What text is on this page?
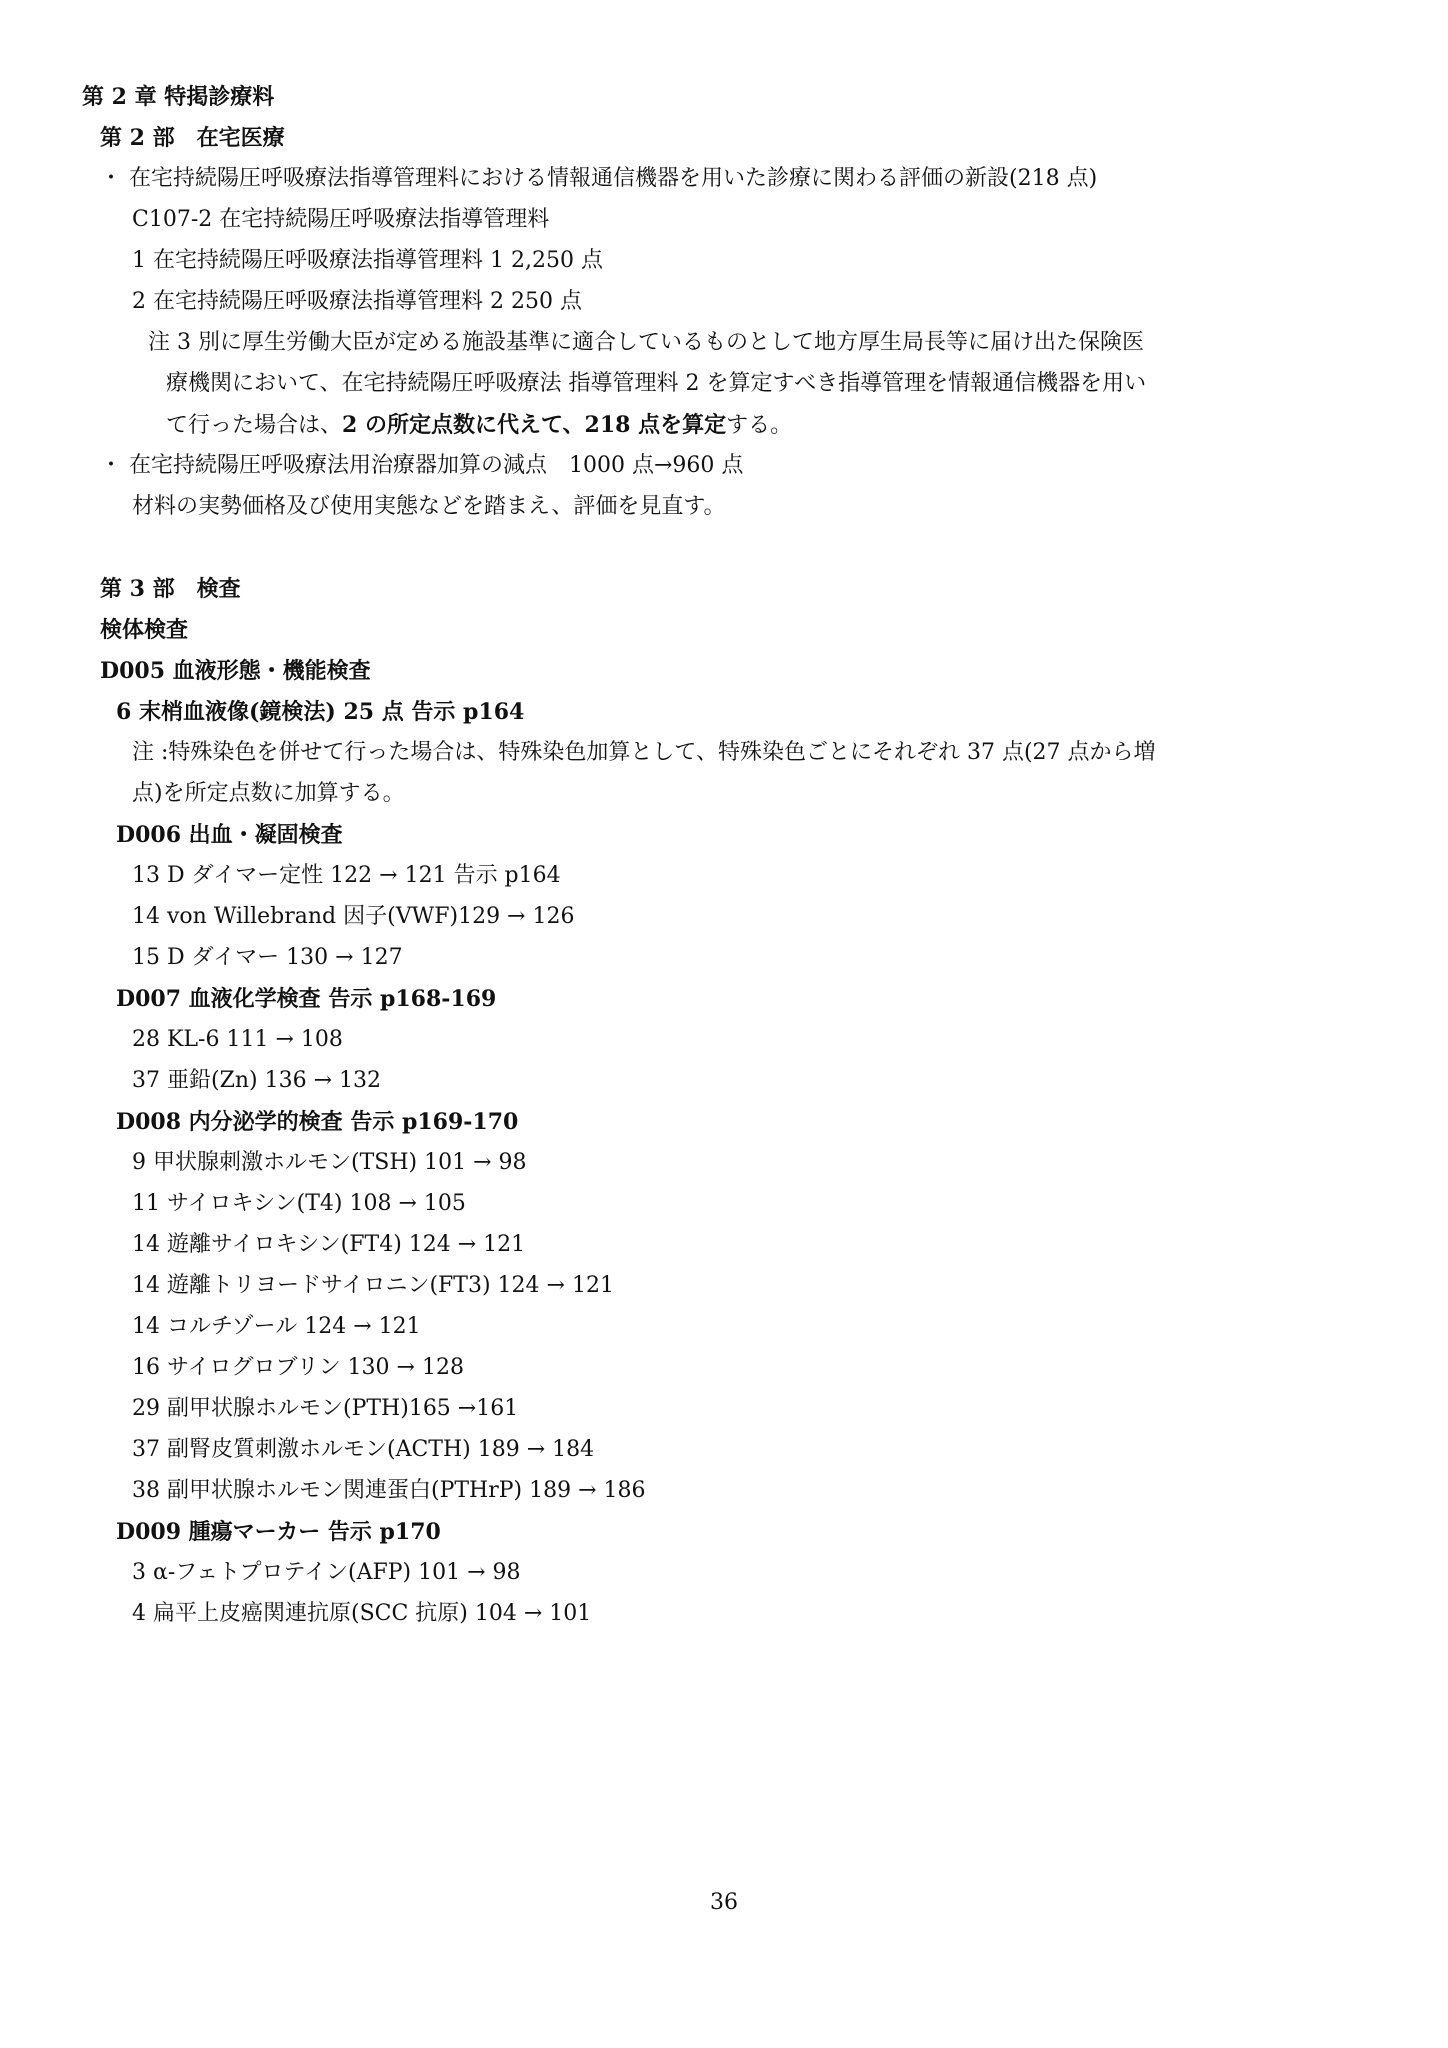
第 2 章 特掲診療料
第 2 部　在宅医療
・ 在宅持続陽圧呼吸療法指導管理料における情報通信機器を用いた診療に関わる評価の新設(218 点)
C107-2 在宅持続陽圧呼吸療法指導管理料
1 在宅持続陽圧呼吸療法指導管理料 1 2,250 点
2 在宅持続陽圧呼吸療法指導管理料 2 250 点
注 3 別に厚生労働大臣が定める施設基準に適合しているものとして地方厚生局長等に届け出た保険医
療機関において、在宅持続陽圧呼吸療法 指導管理料 2 を算定すべき指導管理を情報通信機器を用い
て行った場合は、2 の所定点数に代えて、218 点を算定する。
・ 在宅持続陽圧呼吸療法用治療器加算の減点　1000 点→960 点
材料の実勢価格及び使用実態などを踏まえ、評価を見直す。
第 3 部　検査
検体検査
D005 血液形態・機能検査
6 末梢血液像(鏡検法) 25 点 告示 p164
注 :特殊染色を併せて行った場合は、特殊染色加算として、特殊染色ごとにそれぞれ 37 点(27 点から増
点)を所定点数に加算する。
D006 出血・凝固検査
13 D ダイマー定性 122 → 121 告示 p164
14 von Willebrand 因子(VWF)129 → 126
15 D ダイマー 130 → 127
D007 血液化学検査 告示 p168-169
28 KL-6 111 → 108
37 亜鉛(Zn) 136 → 132
D008 内分泌学的検査 告示 p169-170
9 甲状腺刺激ホルモン(TSH) 101 → 98
11 サイロキシン(T4) 108 → 105
14 遊離サイロキシン(FT4) 124 → 121
14 遊離トリヨードサイロニン(FT3) 124 → 121
14 コルチゾール 124 → 121
16 サイログロブリン 130 → 128
29 副甲状腺ホルモン(PTH)165 →161
37 副腎皮質刺激ホルモン(ACTH) 189 → 184
38 副甲状腺ホルモン関連蛋白(PTHrP) 189 → 186
D009 腫瘍マーカー 告示 p170
3 α-フェトプロテイン(AFP) 101 → 98
4 扁平上皮癌関連抗原(SCC 抗原) 104 → 101
36
